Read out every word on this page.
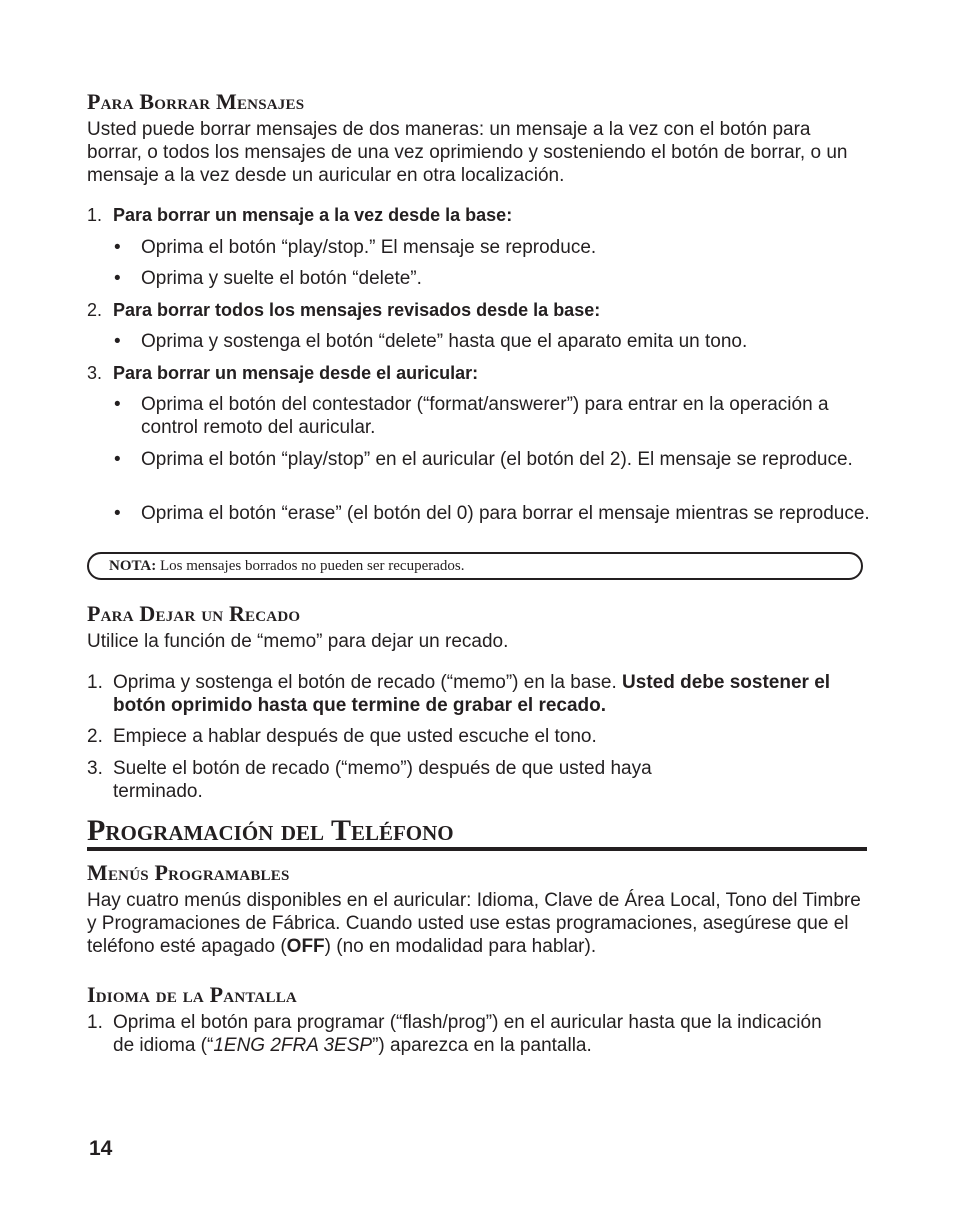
Para Borrar Mensajes

Usted puede borrar mensajes de dos maneras: un mensaje a la vez con el botón para borrar, o todos los mensajes de una vez oprimiendo y sosteniendo el botón de borrar, o un mensaje a la vez desde un auricular en otra localización.

1. Para borrar un mensaje a la vez desde la base:
• Oprima el botón “play/stop.” El mensaje se reproduce.
• Oprima y suelte el botón “delete”.
2. Para borrar todos los mensajes revisados desde la base:
• Oprima y sostenga el botón “delete” hasta que el aparato emita un tono.
3. Para borrar un mensaje desde el auricular:
• Oprima el botón del contestador (“format/answerer”) para entrar en la operación a control remoto del auricular.
• Oprima el botón “play/stop” en el auricular (el botón del 2). El mensaje se reproduce.
• Oprima el botón “erase” (el botón del 0) para borrar el mensaje mientras se reproduce.
NOTA: Los mensajes borrados no pueden ser recuperados.
Para Dejar un Recado

Utilice la función de “memo” para dejar un recado.

1. Oprima y sostenga el botón de recado (“memo”) en la base. Usted debe sostener el botón oprimido hasta que termine de grabar el recado.
2. Empiece a hablar después de que usted escuche el tono.
3. Suelte el botón de recado (“memo”) después de que usted haya terminado.
Programación del Teléfono
Menús Programables

Hay cuatro menús disponibles en el auricular: Idioma, Clave de Área Local, Tono del Timbre y Programaciones de Fábrica. Cuando usted use estas programaciones, asegúrese que el teléfono esté apagado (OFF) (no en modalidad para hablar).

Idioma de la Pantalla
1. Oprima el botón para programar (“flash/prog”) en el auricular hasta que la indicación de idioma (“1ENG 2FRA 3ESP”) aparezca en la pantalla.
14
